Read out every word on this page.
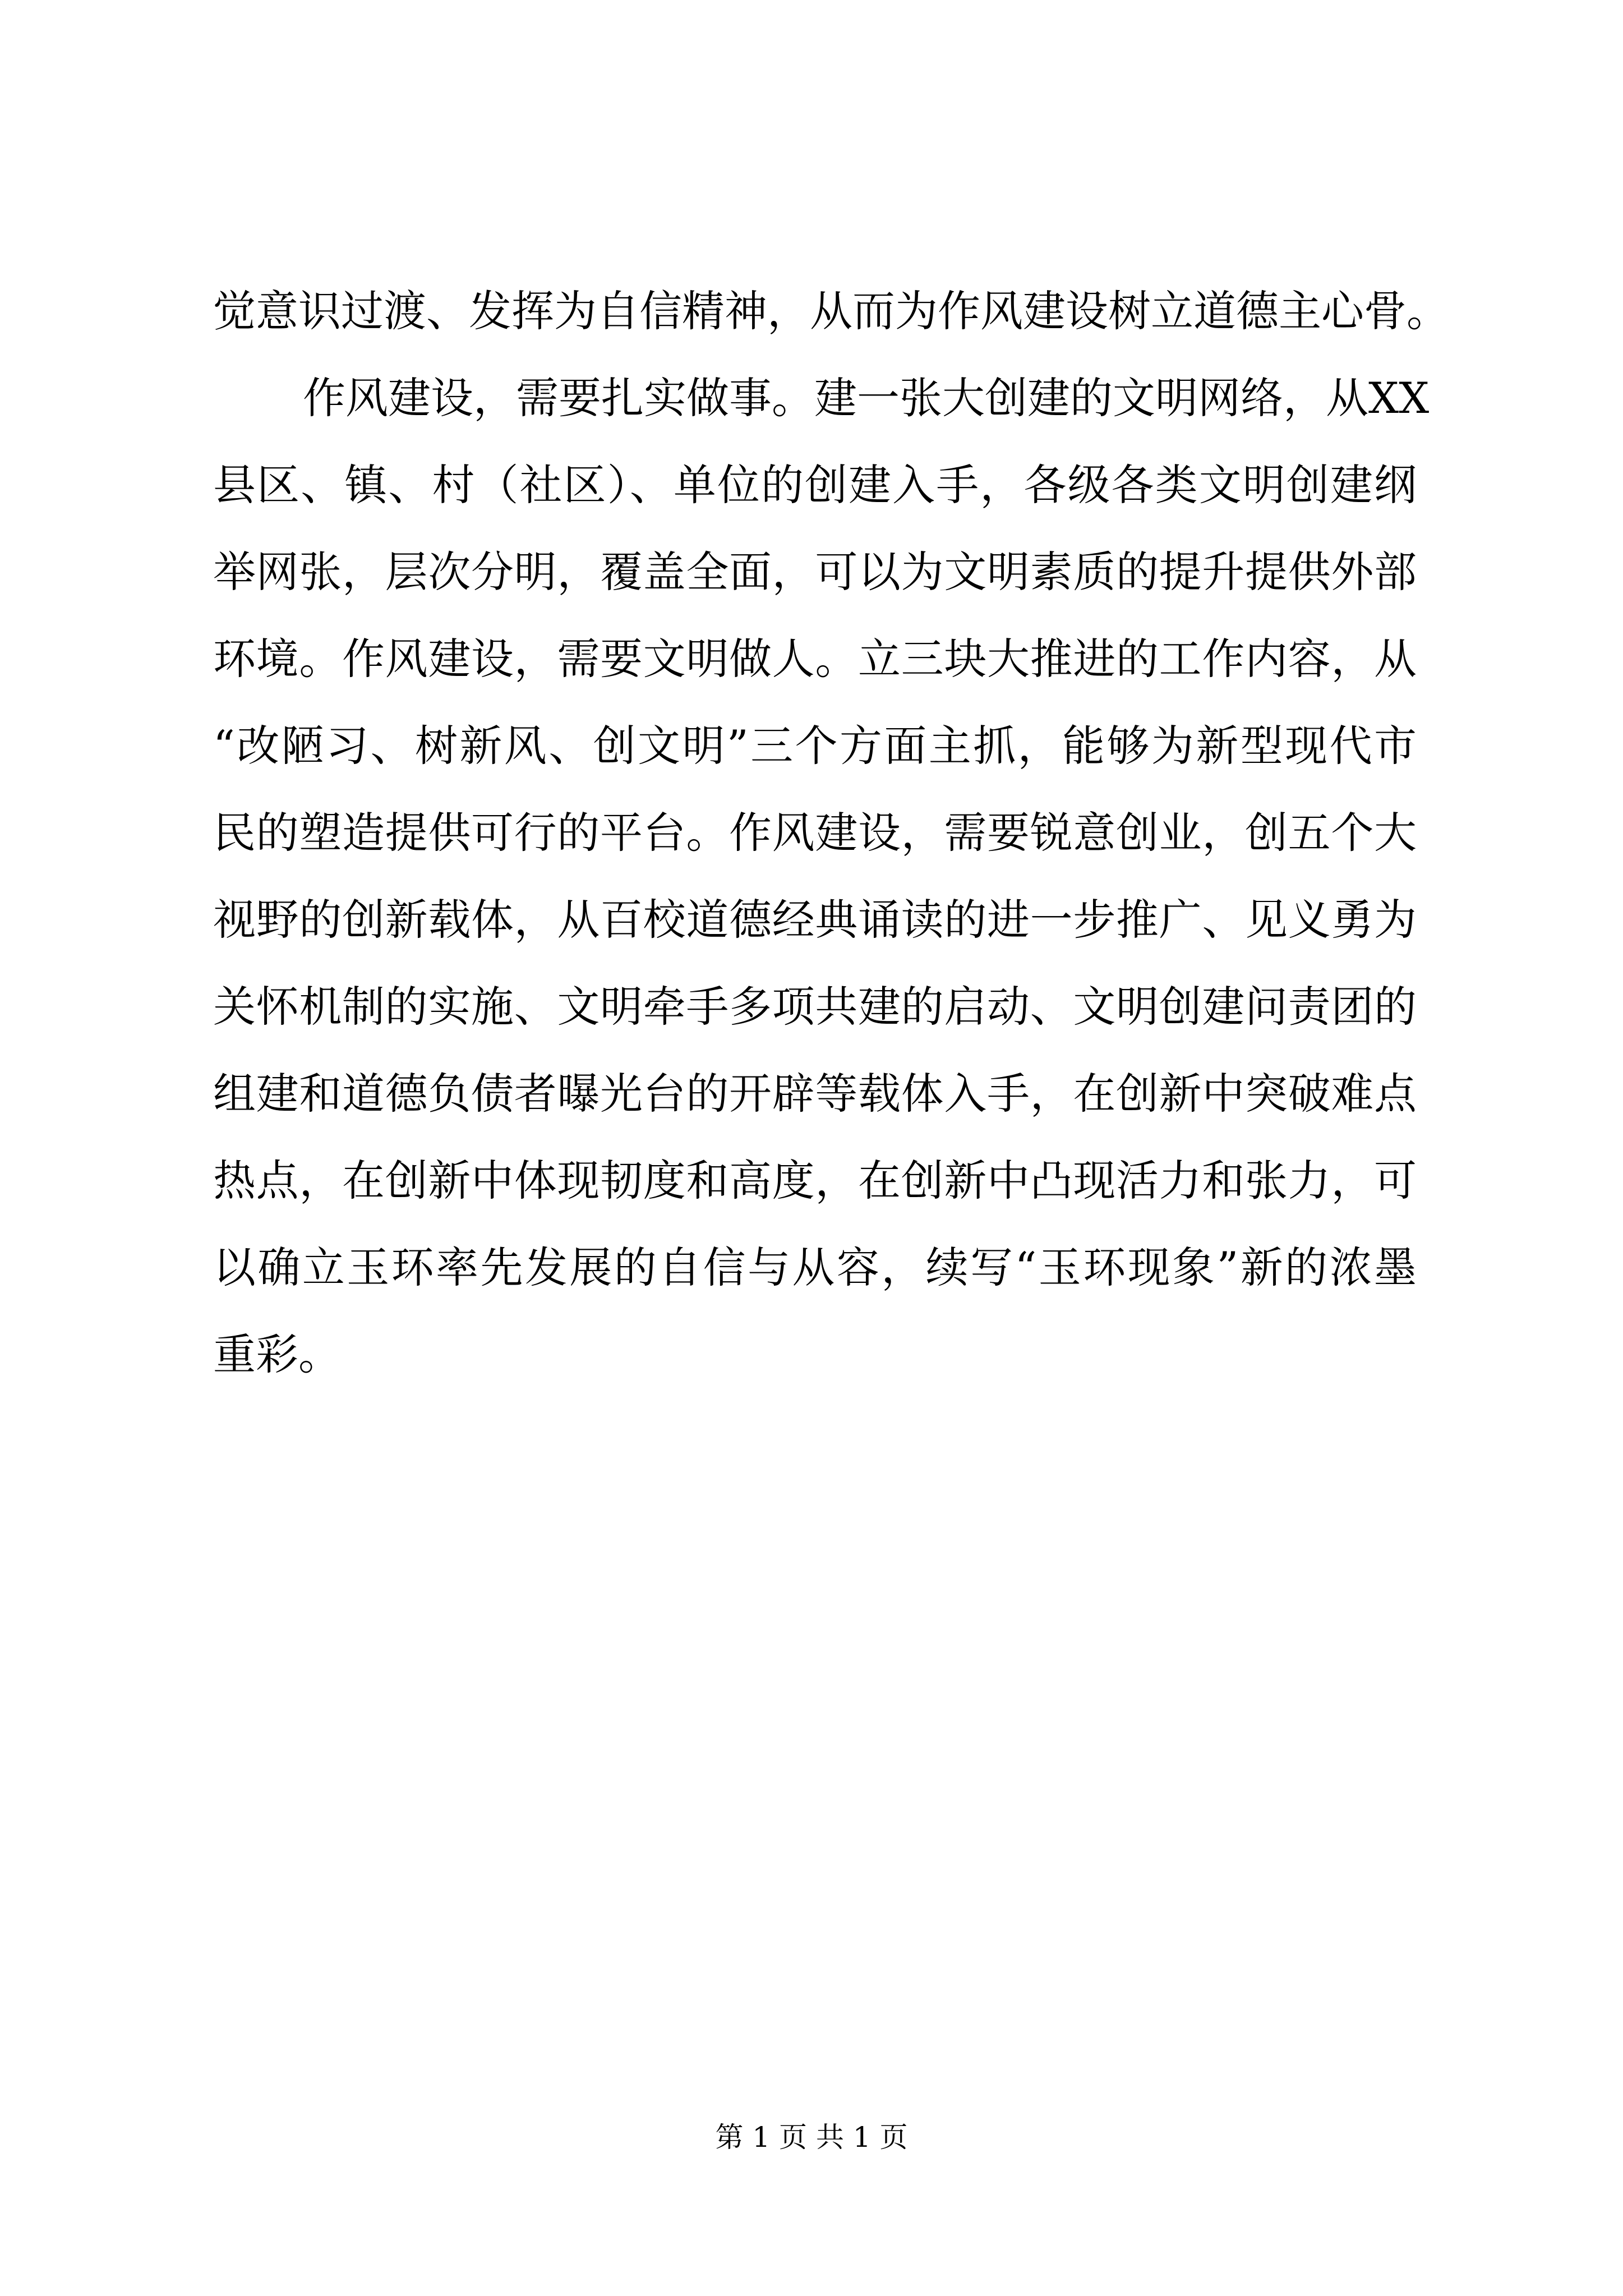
觉意识过渡、发挥为自信精神，从而为作风建设树立道德主心骨。
作风建设，需要扎实做事。建一张大创建的文明网络，从XX
县区、镇、村（社区）、单位的创建入手，各级各类文明创建纲
举网张，层次分明，覆盖全面，可以为文明素质的提升提供外部
环境。作风建设，需要文明做人。立三块大推进的工作内容，从
“改陋习、树新风、创文明”三个方面主抓，能够为新型现代市
民的塑造提供可行的平台。作风建设，需要锐意创业，创五个大
视野的创新载体，从百校道德经典诵读的进一步推广、见义勇为
关怀机制的实施、文明牵手多项共建的启动、文明创建问责团的
组建和道德负债者曝光台的开辟等载体入手，在创新中突破难点
热点，在创新中体现韧度和高度，在创新中凸现活力和张力，可
以确立玉环率先发展的自信与从容，续写“玉环现象”新的浓墨
重彩。
第 1 页 共 1 页
